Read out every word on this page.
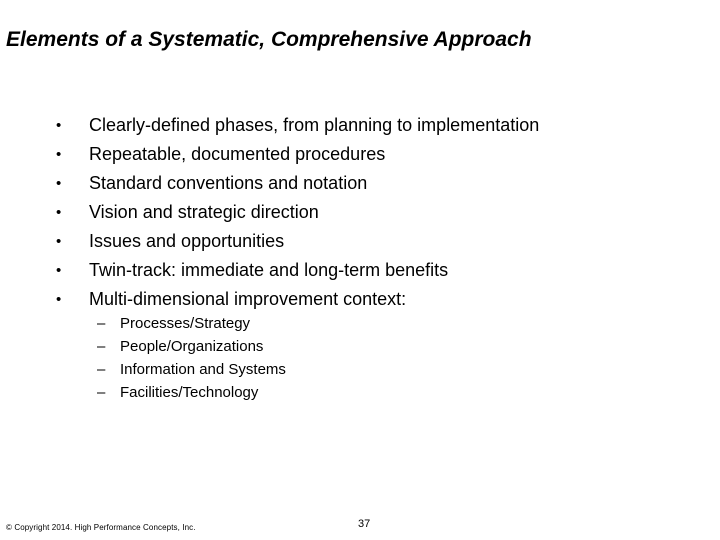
Elements of a Systematic, Comprehensive Approach
• Clearly-defined phases, from planning to implementation
• Repeatable, documented procedures
• Standard conventions and notation
• Vision and strategic direction
• Issues and opportunities
• Twin-track: immediate and long-term benefits
• Multi-dimensional improvement context:
– Processes/Strategy
– People/Organizations
– Information and Systems
– Facilities/Technology
© Copyright 2014. High Performance Concepts, Inc.	37
